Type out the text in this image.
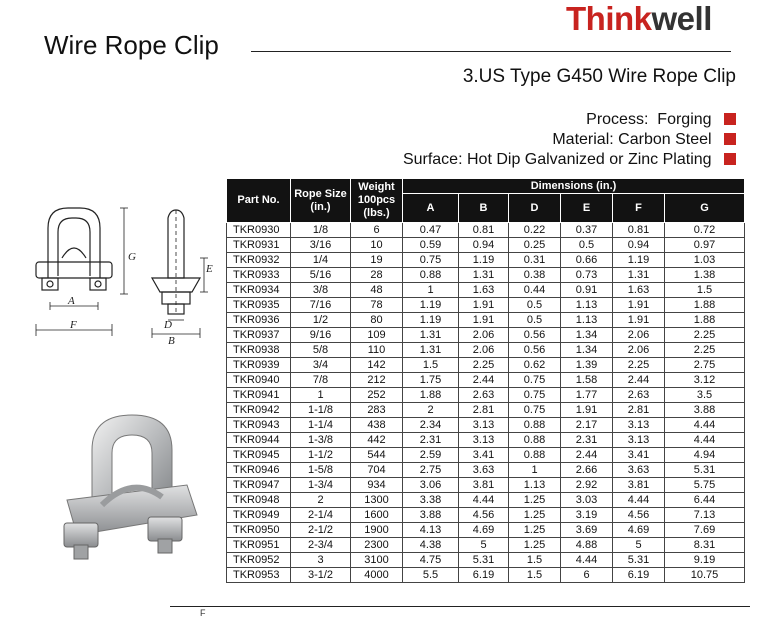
Thinkwell
Wire Rope Clip
3.US Type G450 Wire Rope Clip
Process: Forging
Material: Carbon Steel
Surface: Hot Dip Galvanized or Zinc Plating
G
A
F
E
D
B
Part No.	Rope Size
(in.)	Weight
100pcs
(lbs.)	Dimensions (in.)					
			A	B	D	E	F	G
TKR0930	1/8	6	0.47	0.81	0.22	0.37	0.81	0.72
TKR0931	3/16	10	0.59	0.94	0.25	0.5	0.94	0.97
TKR0932	1/4	19	0.75	1.19	0.31	0.66	1.19	1.03
TKR0933	5/16	28	0.88	1.31	0.38	0.73	1.31	1.38
TKR0934	3/8	48	1	1.63	0.44	0.91	1.63	1.5
TKR0935	7/16	78	1.19	1.91	0.5	1.13	1.91	1.88
TKR0936	1/2	80	1.19	1.91	0.5	1.13	1.91	1.88
TKR0937	9/16	109	1.31	2.06	0.56	1.34	2.06	2.25
TKR0938	5/8	110	1.31	2.06	0.56	1.34	2.06	2.25
TKR0939	3/4	142	1.5	2.25	0.62	1.39	2.25	2.75
TKR0940	7/8	212	1.75	2.44	0.75	1.58	2.44	3.12
TKR0941	1	252	1.88	2.63	0.75	1.77	2.63	3.5
TKR0942	1-1/8	283	2	2.81	0.75	1.91	2.81	3.88
TKR0943	1-1/4	438	2.34	3.13	0.88	2.17	3.13	4.44
TKR0944	1-3/8	442	2.31	3.13	0.88	2.31	3.13	4.44
TKR0945	1-1/2	544	2.59	3.41	0.88	2.44	3.41	4.94
TKR0946	1-5/8	704	2.75	3.63	1	2.66	3.63	5.31
TKR0947	1-3/4	934	3.06	3.81	1.13	2.92	3.81	5.75
TKR0948	2	1300	3.38	4.44	1.25	3.03	4.44	6.44
TKR0949	2-1/4	1600	3.88	4.56	1.25	3.19	4.56	7.13
TKR0950	2-1/2	1900	4.13	4.69	1.25	3.69	4.69	7.69
TKR0951	2-3/4	2300	4.38	5	1.25	4.88	5	8.31
TKR0952	3	3100	4.75	5.31	1.5	4.44	5.31	9.19
TKR0953	3-1/2	4000	5.5	6.19	1.5	6	6.19	10.75
F
